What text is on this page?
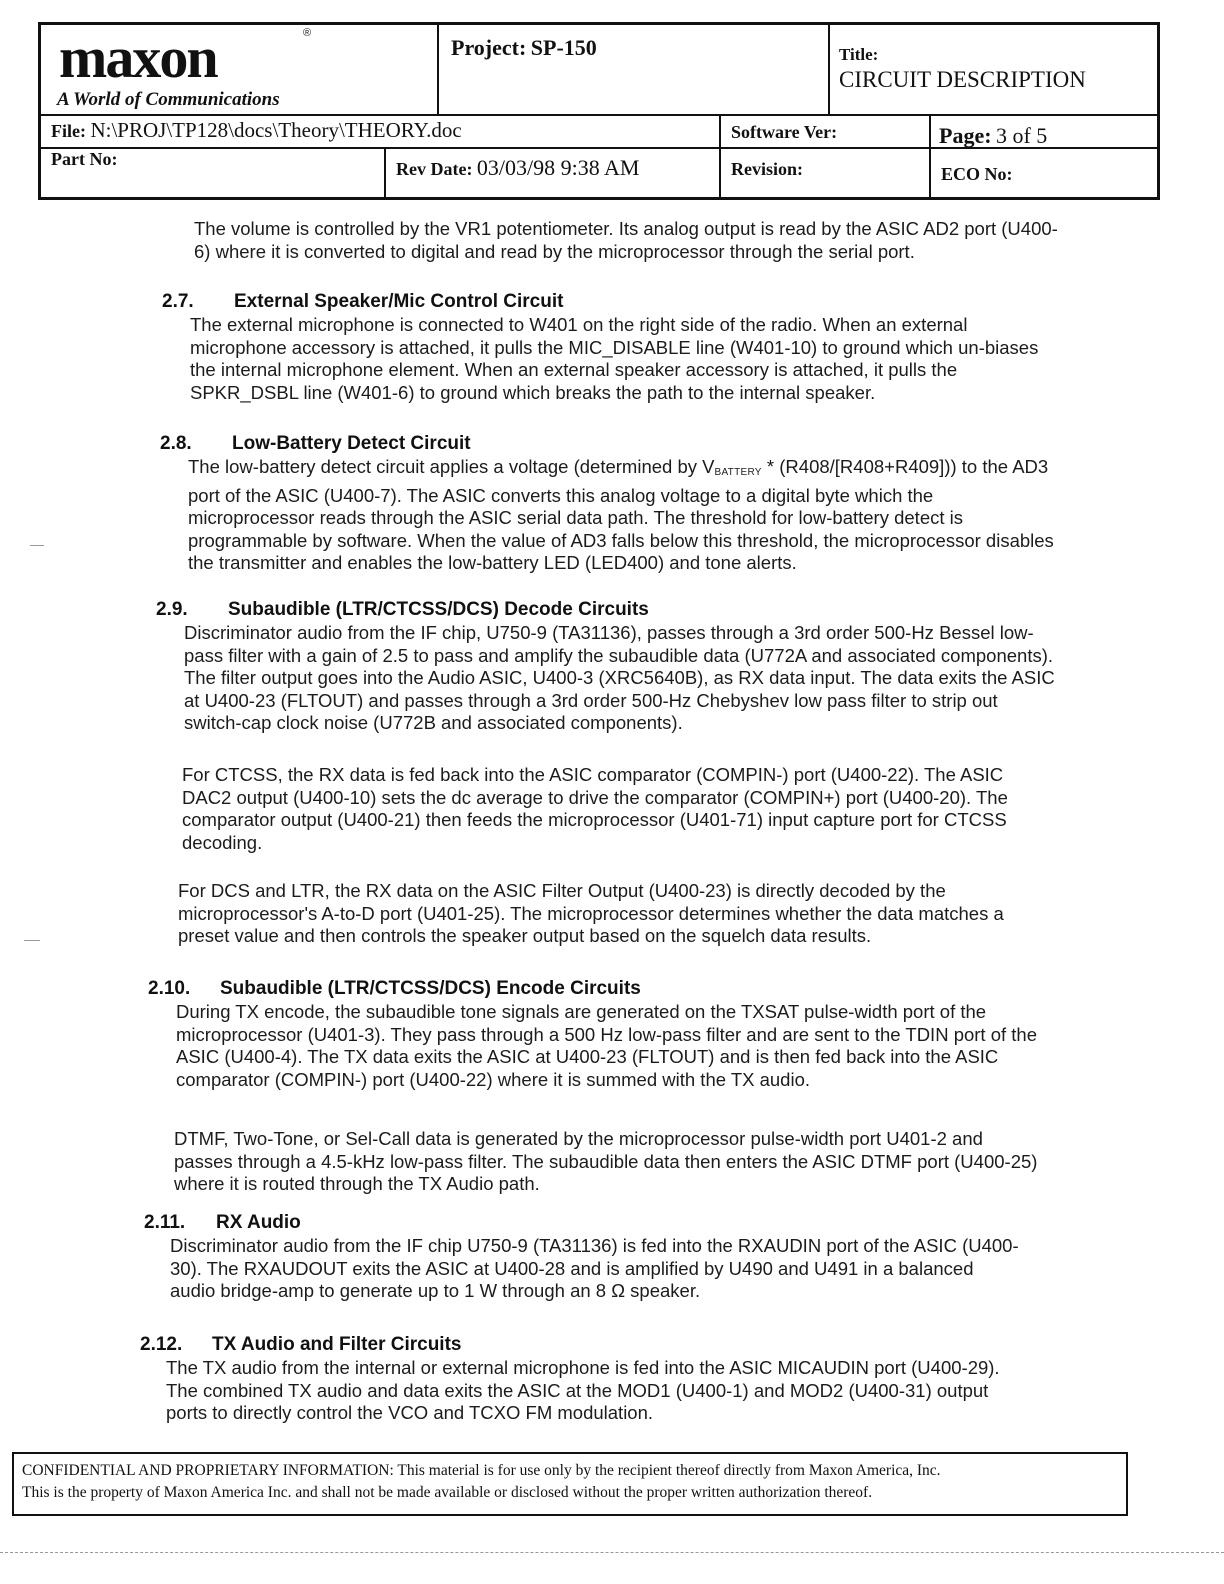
maxon	®
A World of Communications
Project: SP-150	Title:
CIRCUIT DESCRIPTION
File: N:\PROJ\TP128\docs\Theory\THEORY.doc	Software Ver:	Page: 3 of 5
Part No:	Rev Date: 03/03/98 9:38 AM	Revision:	ECO No:

The volume is controlled by the VR1 potentiometer. Its analog output is read by the ASIC AD2 port (U400-6) where it is converted to digital and read by the microprocessor through the serial port.

2.7. External Speaker/Mic Control Circuit

The external microphone is connected to W401 on the right side of the radio. When an external microphone accessory is attached, it pulls the MIC_DISABLE line (W401-10) to ground which un-biases the internal microphone element. When an external speaker accessory is attached, it pulls the SPKR_DSBL line (W401-6) to ground which breaks the path to the internal speaker.

2.8. Low-Battery Detect Circuit

The low-battery detect circuit applies a voltage (determined by $V_{BATTERY} * (R408/[R408+R409])$) to the AD3 port of the ASIC (U400-7). The ASIC converts this analog voltage to a digital byte which the microprocessor reads through the ASIC serial data path. The threshold for low-battery detect is programmable by software. When the value of AD3 falls below this threshold, the microprocessor disables the transmitter and enables the low-battery LED (LED400) and tone alerts.

2.9. Subaudible (LTR/CTCSS/DCS) Decode Circuits

Discriminator audio from the IF chip, U750-9 (TA31136), passes through a 3rd order 500-Hz Bessel low-pass filter with a gain of 2.5 to pass and amplify the subaudible data (U772A and associated components). The filter output goes into the Audio ASIC, U400-3 (XRC5640B), as RX data input. The data exits the ASIC at U400-23 (FLTOUT) and passes through a 3rd order 500-Hz Chebyshev low pass filter to strip out switch-cap clock noise (U772B and associated components).

For CTCSS, the RX data is fed back into the ASIC comparator (COMPIN-) port (U400-22). The ASIC DAC2 output (U400-10) sets the dc average to drive the comparator (COMPIN+) port (U400-20). The comparator output (U400-21) then feeds the microprocessor (U401-71) input capture port for CTCSS decoding.

For DCS and LTR, the RX data on the ASIC Filter Output (U400-23) is directly decoded by the microprocessor's A-to-D port (U401-25). The microprocessor determines whether the data matches a preset value and then controls the speaker output based on the squelch data results.

2.10. Subaudible (LTR/CTCSS/DCS) Encode Circuits

During TX encode, the subaudible tone signals are generated on the TXSAT pulse-width port of the microprocessor (U401-3). They pass through a 500 Hz low-pass filter and are sent to the TDIN port of the ASIC (U400-4). The TX data exits the ASIC at U400-23 (FLTOUT) and is then fed back into the ASIC comparator (COMPIN-) port (U400-22) where it is summed with the TX audio.

DTMF, Two-Tone, or Sel-Call data is generated by the microprocessor pulse-width port U401-2 and passes through a 4.5-kHz low-pass filter. The subaudible data then enters the ASIC DTMF port (U400-25) where it is routed through the TX Audio path.

2.11. RX Audio

Discriminator audio from the IF chip U750-9 (TA31136) is fed into the RXAUDIN port of the ASIC (U400-30). The RXAUDOUT exits the ASIC at U400-28 and is amplified by U490 and U491 in a balanced audio bridge-amp to generate up to 1 W through an 8 Ω speaker.

2.12. TX Audio and Filter Circuits

The TX audio from the internal or external microphone is fed into the ASIC MICAUDIN port (U400-29). The combined TX audio and data exits the ASIC at the MOD1 (U400-1) and MOD2 (U400-31) output ports to directly control the VCO and TCXO FM modulation.

CONFIDENTIAL AND PROPRIETARY INFORMATION: This material is for use only by the recipient thereof directly from Maxon America, Inc.
This is the property of Maxon America Inc. and shall not be made available or disclosed without the proper written authorization thereof.
